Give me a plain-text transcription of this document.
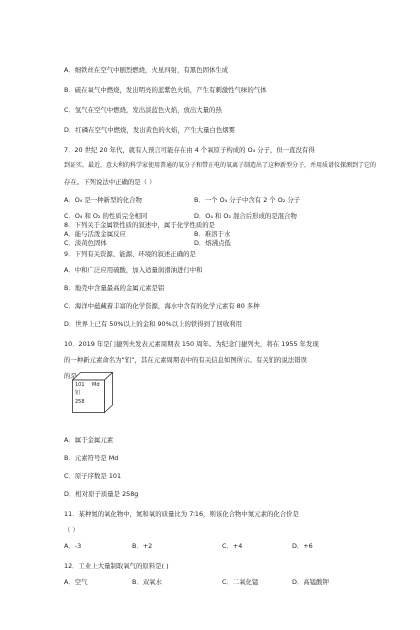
A．细铁丝在空气中剧烈燃烧，火星四射，有黑色固体生成
B．硫在氧气中燃烧，发出明亮的蓝紫色火焰，产生有刺激性气味的气体
C．氢气在空气中燃烧，发出淡蓝色火焰，放出大量的热
D．红磷在空气中燃烧，发出黄色的火焰，产生大量白色烟雾
7．20 世纪 20 年代，就有人预言可能存在由 4 个氧原子构成的 O₄ 分子，但一直没有得
到证实。最近，意大利的科学家使用普通的氧分子和带正电的氧离子制造出了这种新型分子，并用质谱仪探测到了它的
存在。下列说法中正确的是（ ）
A．O₄ 是一种新型的化合物	B．一个 O₄ 分子中含有 2 个 O₂ 分子
C．O₄ 和 O₂ 的性质完全相同	D．O₄ 和 O₂ 混合后形成的是混合物
8．下列关于金属铁性质的叙述中，属于化学性质的是
A．能与活泼金属反应	B．难溶于水
C．淡黄色固体	D．熔沸点低
9．下列有关资源、能源、环境的叙述正确的是
A．中和广泛应用硫酸，加入适量润滑油进行中和
B．地壳中含量最高的金属元素是铝
C．海洋中蕴藏着丰富的化学资源，海水中含有的化学元素有 80 多种
D．世界上已有 50%以上的金和 90%以上的铁得到了回收利用
10．2019 年是门捷列夫发表元素周期表 150 周年。为纪念门捷列夫，将在 1955 年发现
的一种新元素命名为“钔”，其在元素周期表中的有关信息如图所示。有关钔的说法错误
的是
101 Md
钔
258
A．属于金属元素
B．元素符号是 Md
C．原子序数是 101
D．相对原子质量是 258g
11．某种氮的氧化物中，氮和氧的质量比为 7∶16，则该化合物中氮元素的化合价是
（ ）
A．-3	B．+2	C．+4	D．+6
12．工业上大量制取氧气的原料是( )
A．空气	B．双氧水	C．二氧化锰	D．高锰酸钾
